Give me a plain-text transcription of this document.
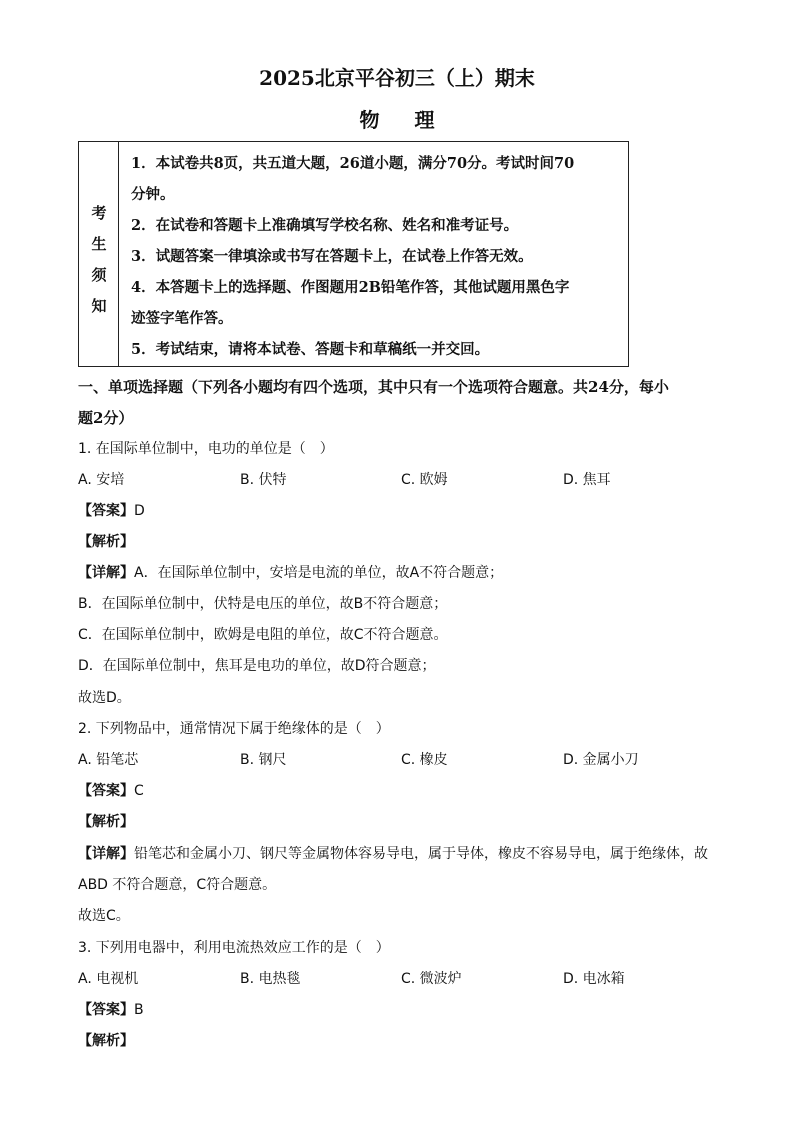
2025北京平谷初三（上）期末
物 理
考
生
须
知

1．本试卷共8页，共五道大题，26道小题，满分70分。考试时间70

分钟。

2．在试卷和答题卡上准确填写学校名称、姓名和准考证号。

3．试题答案一律填涂或书写在答题卡上，在试卷上作答无效。

4．本答题卡上的选择题、作图题用2B铅笔作答，其他试题用黑色字

迹签字笔作答。

5．考试结束，请将本试卷、答题卡和草稿纸一并交回。

一、单项选择题（下列各小题均有四个选项，其中只有一个选项符合题意。共24分，每小
题2分）
1. 在国际单位制中，电功的单位是（　）
A. 安培	B. 伏特	C. 欧姆	D. 焦耳
【答案】D
【解析】
【详解】A．在国际单位制中，安培是电流的单位，故A不符合题意；
B．在国际单位制中，伏特是电压的单位，故B不符合题意；
C．在国际单位制中，欧姆是电阻的单位，故C不符合题意。
D．在国际单位制中，焦耳是电功的单位，故D符合题意；
故选D。
2. 下列物品中，通常情况下属于绝缘体的是（　）
A. 铅笔芯	B. 钢尺	C. 橡皮	D. 金属小刀
【答案】C
【解析】
【详解】铅笔芯和金属小刀、钢尺等金属物体容易导电，属于导体，橡皮不容易导电，属于绝缘体，故
ABD 不符合题意，C符合题意。
故选C。
3. 下列用电器中，利用电流热效应工作的是（　）
A. 电视机	B. 电热毯	C. 微波炉	D. 电冰箱
【答案】B
【解析】
